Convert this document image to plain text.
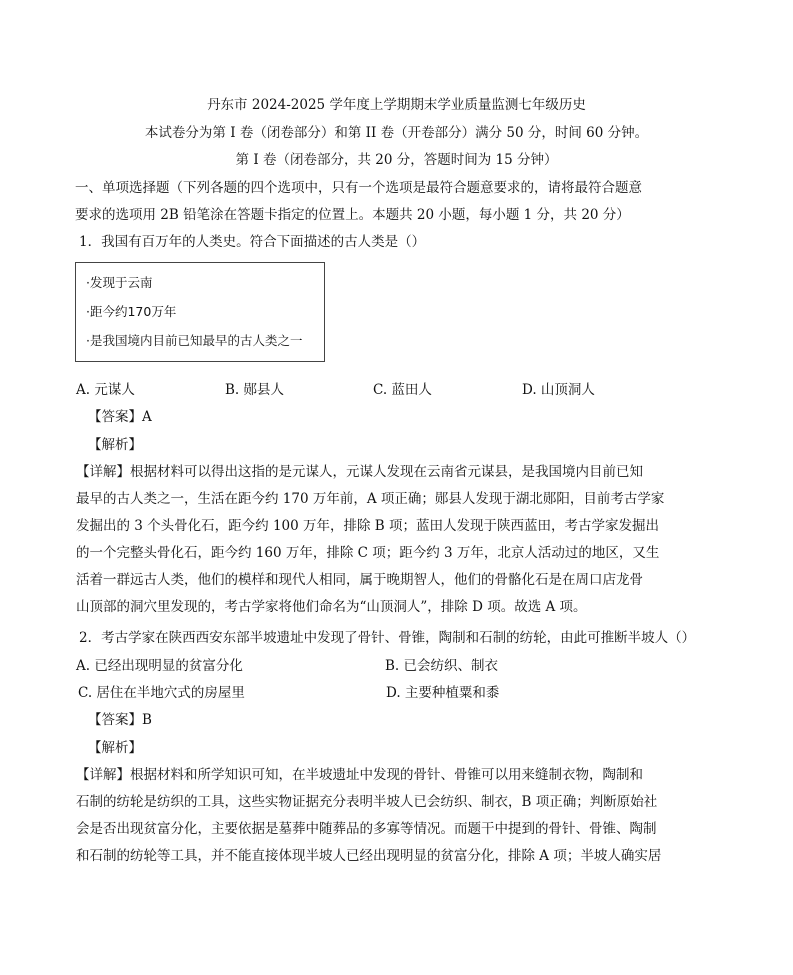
丹东市 2024-2025 学年度上学期期末学业质量监测七年级历史
本试卷分为第 I 卷（闭卷部分）和第 II 卷（开卷部分）满分 50 分，时间 60 分钟。
第 I 卷（闭卷部分，共 20 分，答题时间为 15 分钟）
一、单项选择题（下列各题的四个选项中，只有一个选项是最符合题意要求的，请将最符合题意
要求的选项用 2B 铅笔涂在答题卡指定的位置上。本题共 20 小题，每小题 1 分，共 20 分）
1．我国有百万年的人类史。符合下面描述的古人类是（）
·发现于云南
·距今约170万年
·是我国境内目前已知最早的古人类之一
A. 元谋人	B. 郧县人	C. 蓝田人	D. 山顶洞人
【答案】A
【解析】
【详解】根据材料可以得出这指的是元谋人，元谋人发现在云南省元谋县，是我国境内目前已知
最早的古人类之一，生活在距今约 170 万年前，A 项正确；郧县人发现于湖北郧阳，目前考古学家
发掘出的 3 个头骨化石，距今约 100 万年，排除 B 项；蓝田人发现于陕西蓝田，考古学家发掘出
的一个完整头骨化石，距今约 160 万年，排除 C 项；距今约 3 万年，北京人活动过的地区，又生
活着一群远古人类，他们的模样和现代人相同，属于晚期智人，他们的骨骼化石是在周口店龙骨
山顶部的洞穴里发现的，考古学家将他们命名为“山顶洞人”，排除 D 项。故选 A 项。
2．考古学家在陕西西安东部半坡遗址中发现了骨针、骨锥，陶制和石制的纺轮，由此可推断半坡人（）
A. 已经出现明显的贫富分化	B. 已会纺织、制衣
C. 居住在半地穴式的房屋里	D. 主要种植粟和黍
【答案】B
【解析】
【详解】根据材料和所学知识可知，在半坡遗址中发现的骨针、骨锥可以用来缝制衣物，陶制和
石制的纺轮是纺织的工具，这些实物证据充分表明半坡人已会纺织、制衣，B 项正确；判断原始社
会是否出现贫富分化，主要依据是墓葬中随葬品的多寡等情况。而题干中提到的骨针、骨锥、陶制
和石制的纺轮等工具，并不能直接体现半坡人已经出现明显的贫富分化，排除 A 项；半坡人确实居
